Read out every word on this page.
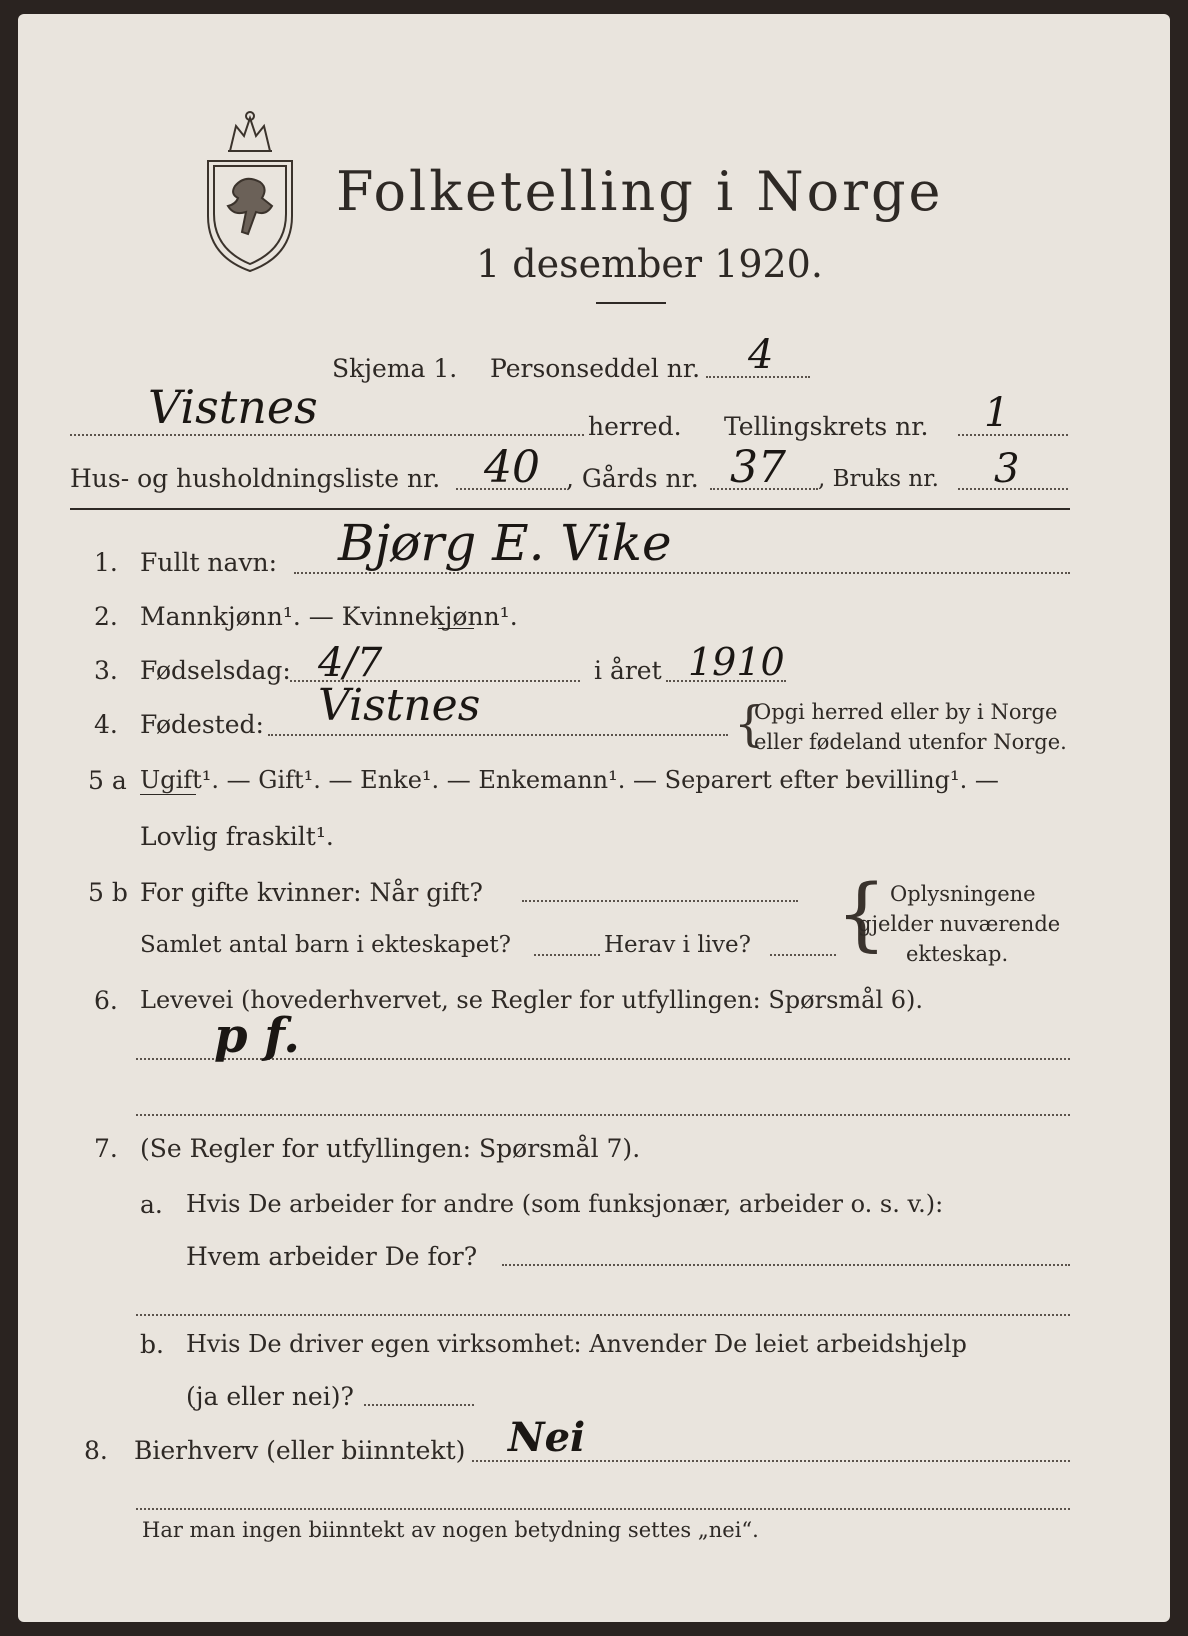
Folketelling i Norge
1 desember 1920.
Skjema 1. Personseddel nr. 4
Vistnes	herred. Tellingskrets nr. 1
Hus- og husholdningsliste nr. 40 , Gårds nr. 37 , Bruks nr. 3
1. Fullt navn: Bjørg E. Vike
2. Mannkjønn¹. — Kvinnekjønn¹.
3. Fødselsdag: 4/7	i året 1910
4. Fødested: Vistnes	{
Opgi herred eller by i Norge
eller fødeland utenfor Norge.
5 a Ugift¹. — Gift¹. — Enke¹. — Enkemann¹. — Separert efter bevilling¹. —
Lovlig fraskilt¹.
5 b For gifte kvinner: Når gift?
Samlet antal barn i ekteskapet?	Herav i live? { Oplysningene
gjelder nuværende
ekteskap.
6. Levevei (hovederhvervet, se Regler for utfyllingen: Spørsmål 6).
p f.
7. (Se Regler for utfyllingen: Spørsmål 7).
a. Hvis De arbeider for andre (som funksjonær, arbeider o. s. v.):
Hvem arbeider De for?
b. Hvis De driver egen virksomhet: Anvender De leiet arbeidshjelp
(ja eller nei)?
8. Bierhverv (eller biinntekt) Nei
Har man ingen biinntekt av nogen betydning settes „nei“.
